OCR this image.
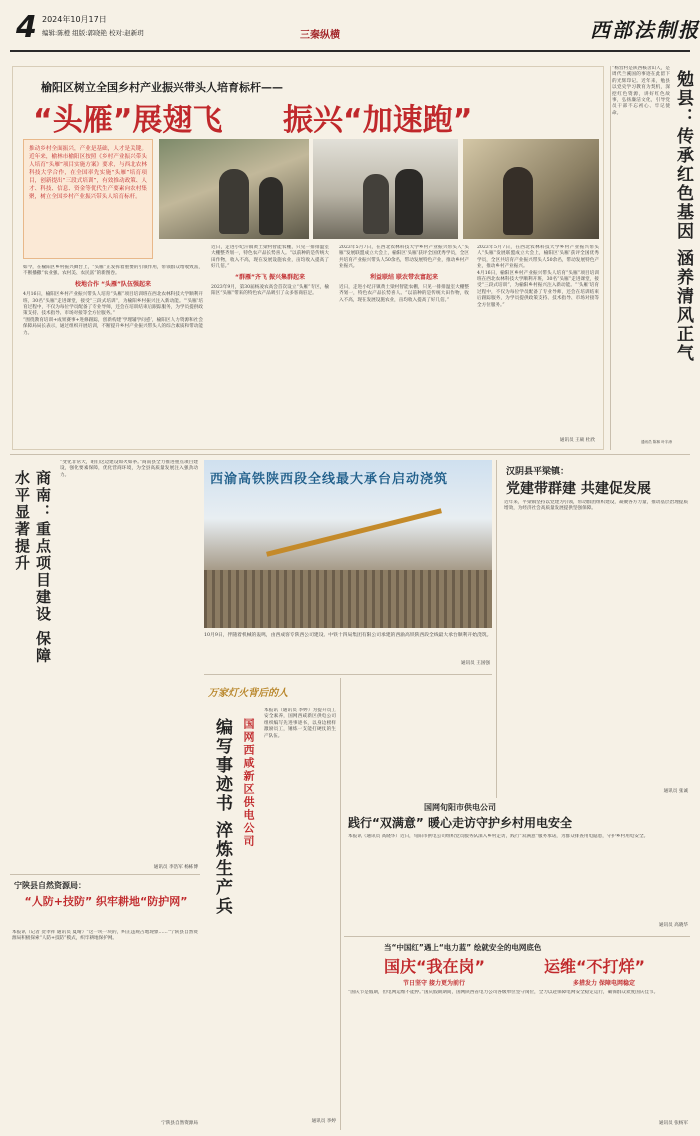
4 2024年10月17日
编辑:陈橙 组版:郭晓艳 校对:赵新玥	三秦纵横	西部法制报
榆阳区树立全国乡村产业振兴带头人培育标杆——
“头雁”展翅飞 振兴“加速跑”
推动乡村全面振兴，产业是基础，人才是关键。近年来，榆林市榆阳区按照《乡村产业振兴带头人培育“头雁”项目实施方案》要求，与西北农林科技大学合作，在全国率先实施“头雁”培育项目，创新提出“三段式培训”，有效推动政策、人才、科技、信息、资金等优代生产要素向农村集聚，树立全国乡村产业振兴带头人培育标杆。

如今，在榆阳区乡村振兴舞台上，“头雁”正发挥着重要的引领作用，带领群众增收致富，不断播撒“农业强、农村美、农民富”的新图卷。

校地合作 “头雁”队伍强起来

4月16日，榆阳区乡村产业振兴带头人培育“头雁”项目培训班在西北农林科技大学顺利开班，30名“头雁”走进课堂，接受“三段式培训”，为榆阳乡村振兴注入新动能。“‘头雁’培育过程中，不仅为每位学员配备了专业导师，还会在培训结束后跟踪服务，为学员提供政策支持、技术指导、市场对接等全方位服务。”

“围绕教育培训+成果赛事+进修跟踪，创新构建‘学理辅学问惑’，榆阳区人力资源和社会保障局局长表示，通过组织开展培训，不断提升乡村产业振兴带头人的综合素质和带动能力。

近日，走进小纪汗镇黄土梁村智能农棚，只见一排排温室大棚整齐划一，特色农产品长势喜人。“以前种的是传统大田作物，收入不高，现在发展设施农业，亩均收入提高了好几倍。”

“群雁”齐飞 振兴集群起来

2023年9月，第30届杨凌农高会首次设立“头雁”专区，榆阳区“头雁”带来的特色农产品吸引了众多客商驻足。

2023年5月7日，在西北农林科技大学乡村产业振兴带头人“头雁”发展联盟成立大会上，榆阳区‘头雁’获评全国优秀学员，全区共培育产业振兴带头人50余名，带动发展特色产业，推动乡村产业振兴。

利益联结 联农带农富起来

近日，走进小纪汗镇黄土梁村智能农棚，只见一排排温室大棚整齐划一，特色农产品长势喜人。“以前种的是传统大田作物，收入不高，现在发展设施农业，亩均收入提高了好几倍。”

2023年5月7日，在西北农林科技大学乡村产业振兴带头人“头雁”发展联盟成立大会上，榆阳区‘头雁’获评全国优秀学员，全区共培育产业振兴带头人50余名，带动发展特色产业，推动乡村产业振兴。

4月16日，榆阳区乡村产业振兴带头人培育“头雁”项目培训班在西北农林科技大学顺利开班，30名“头雁”走进课堂，接受“三段式培训”，为榆阳乡村振兴注入新动能。“‘头雁’培育过程中，不仅为每位学员配备了专业导师，还会在培训结束后跟踪服务，为学员提供政策支持、技术指导、市场对接等全方位服务。”

通讯员 王硕 杜欣
勉县：传承红色基因 涵养清风正气
“杨营村是陕西核舍山人，是周代兰溪国的事迹在此留下的光辉印记。近年来，勉县以党史学习教育为契机，深挖红色资源，讲好红色故事，弘扬廉洁文化，引导党员干部不忘初心、牢记使命。
通讯员 陈林 叶宇涛
商南：重点项目建设 保障水平显著提升
“变化非常大，咱们这边建设如火如荼。”商南县全力推进重点项目建设，强化要素保障，优化营商环境，为全县高质量发展注入强劲动力。
通讯员 李浩军 杨栋博
西渝高铁陕西段全线最大承台启动浇筑
10月9日，伴随着机械的轰鸣，由西成客专陕西公司建设、中铁十四局集团有限公司承建的西渝高铁陕西段全线最大承台顺利开始浇筑。
通讯员 王国强
汉阴县平梁镇：
党建带群建 共建促发展
近年来，平梁镇坚持以党建为引领，带动群团组织建设，凝聚各方力量，推动基层治理提质增效，为经济社会高质量发展提供坚强保障。
通讯员 张诚
宁陕县自然资源局：
“人防+技防” 织牢耕地“防护网”
本报讯（记者 贺孝祥 通讯员 夏晴）“这一块一块的，纠正违规占地现象……”宁陕县自然资源局积极探索“人防+技防”模式，织牢耕地保护网。
宁陕县自然资源局
万家灯火背后的人
编写事迹书 淬炼生产兵 国网西咸新区供电公司
本报讯（通讯员 李婷）为提升员工安全素养，国网西咸新区供电公司组织编写先进事迹书，以身边榜样激励员工，锤炼一支能打硬仗的生产队伍。
通讯员 李婷
国网旬阳市供电公司
践行“双满意” 暖心走访守护乡村用电安全
本报讯（通讯员 高晓华）近日，旬阳市供电公司组织党员服务队深入乡村走访，践行“双满意”服务承诺，为群众排查用电隐患，守护乡村用电安全。
通讯员 高晓华
当“中国红”遇上“电力蓝” 绘就安全的电网底色
国庆“我在岗”	运维“不打烊”
节日坚守 接力更为前行	多措发力 保障电网稳定
“国庆节是假期，但电网运维不能停。”国庆假期期间，国网陕西省电力公司各级单位坚守岗位，全力以赴保障电网安全稳定运行，确保群众欢度国庆佳节。
通讯员 张杨军
